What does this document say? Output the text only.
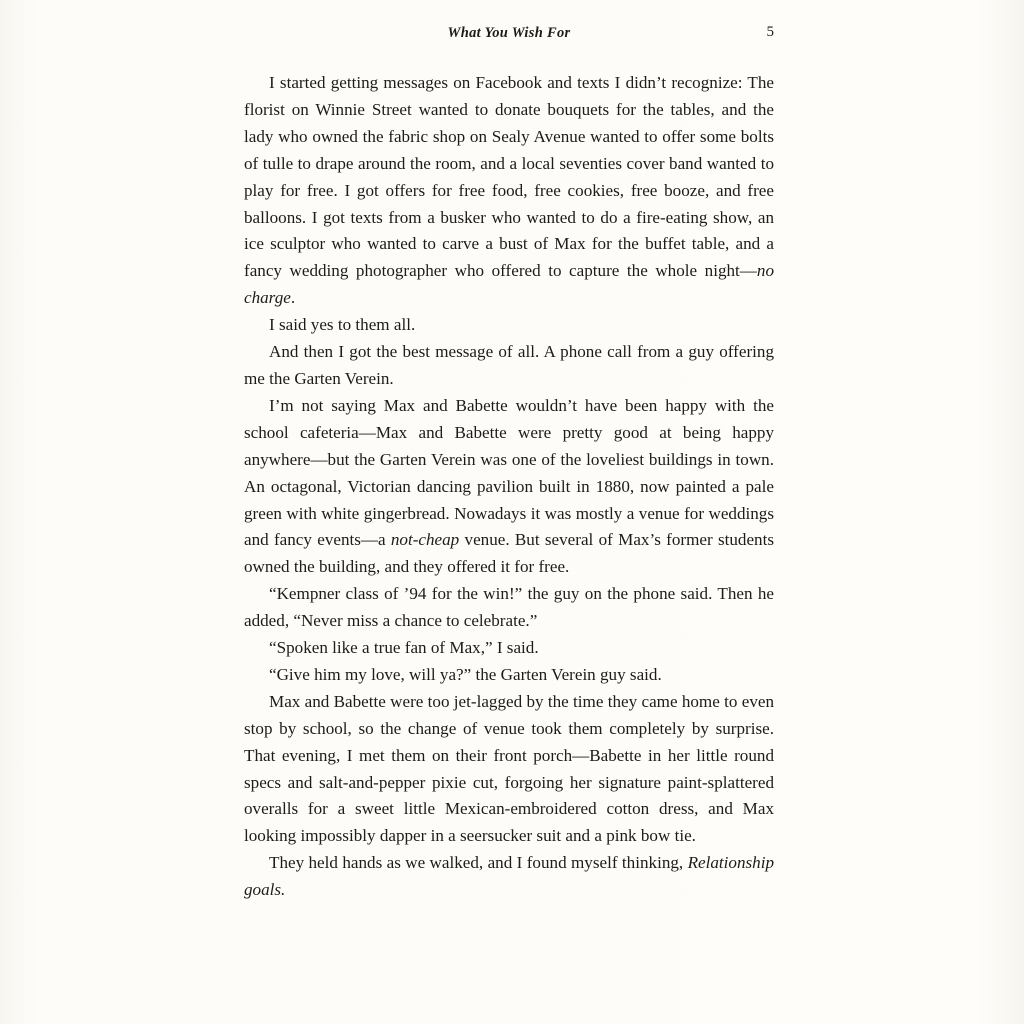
What You Wish For	5

I started getting messages on Facebook and texts I didn’t recognize: The florist on Winnie Street wanted to donate bouquets for the tables, and the lady who owned the fabric shop on Sealy Avenue wanted to offer some bolts of tulle to drape around the room, and a local seventies cover band wanted to play for free. I got offers for free food, free cookies, free booze, and free balloons. I got texts from a busker who wanted to do a fire-eating show, an ice sculptor who wanted to carve a bust of Max for the buffet table, and a fancy wedding photographer who offered to capture the whole night—no charge.

I said yes to them all.

And then I got the best message of all. A phone call from a guy offering me the Garten Verein.

I’m not saying Max and Babette wouldn’t have been happy with the school cafeteria—Max and Babette were pretty good at being happy anywhere—but the Garten Verein was one of the loveliest buildings in town. An octagonal, Victorian dancing pavilion built in 1880, now painted a pale green with white gingerbread. Nowadays it was mostly a venue for weddings and fancy events—a not-cheap venue. But several of Max’s former students owned the building, and they offered it for free.

“Kempner class of ’94 for the win!” the guy on the phone said. Then he added, “Never miss a chance to celebrate.”

“Spoken like a true fan of Max,” I said.

“Give him my love, will ya?” the Garten Verein guy said.

Max and Babette were too jet-lagged by the time they came home to even stop by school, so the change of venue took them completely by surprise. That evening, I met them on their front porch—Babette in her little round specs and salt-and-pepper pixie cut, forgoing her signature paint-splattered overalls for a sweet little Mexican-embroidered cotton dress, and Max looking impossibly dapper in a seersucker suit and a pink bow tie.

They held hands as we walked, and I found myself thinking, Relationship goals.
